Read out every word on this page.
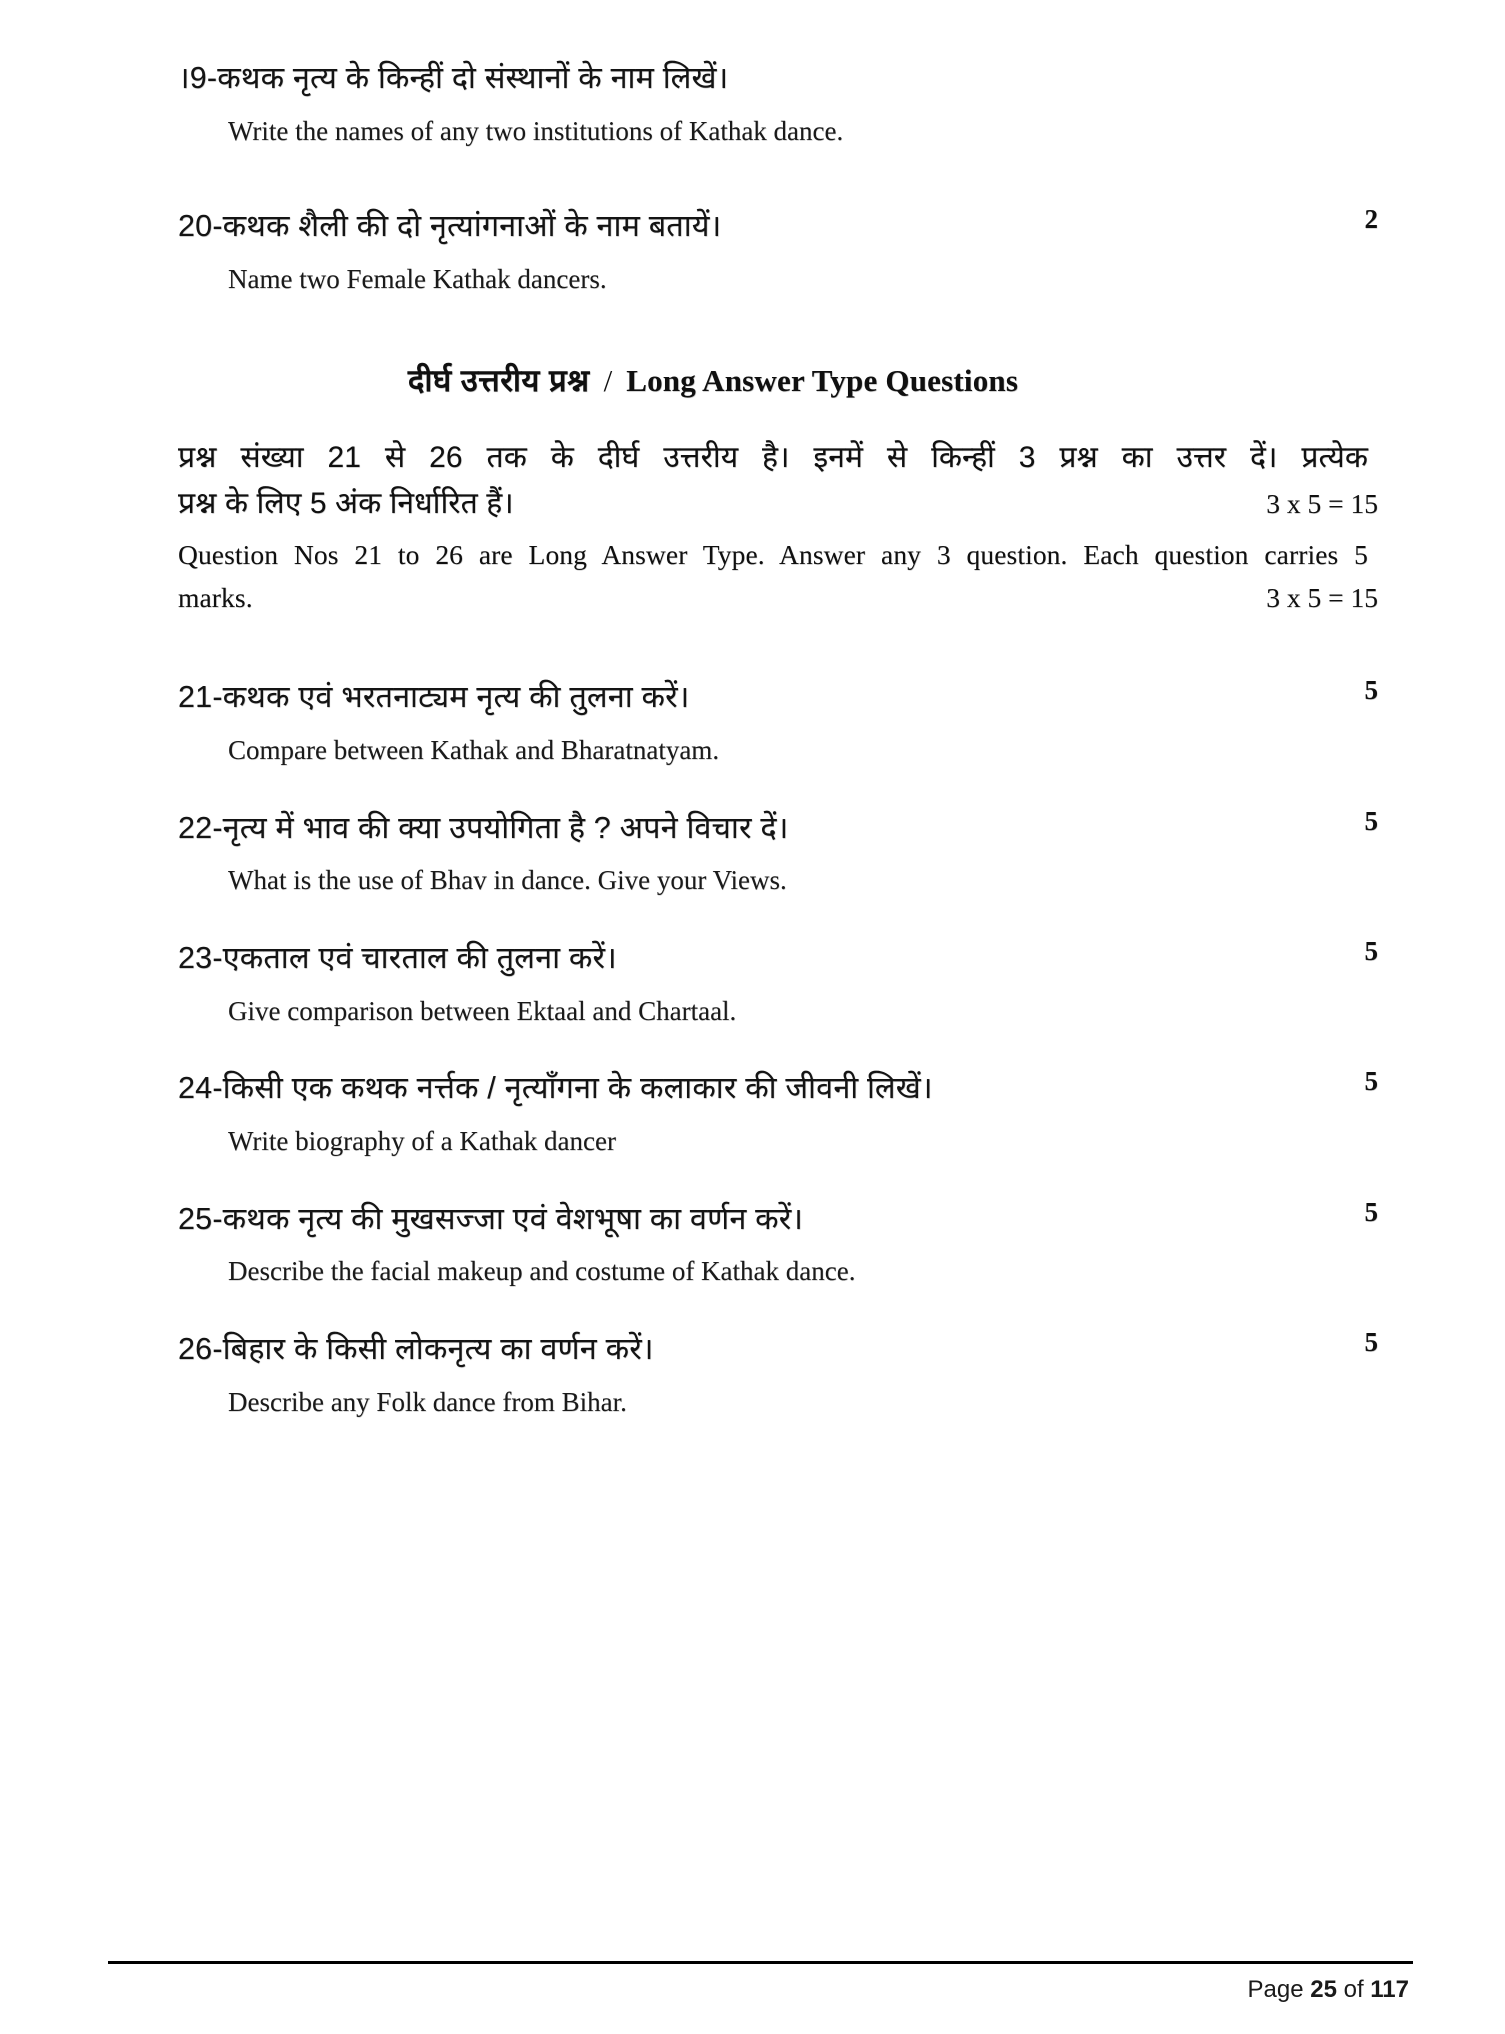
।9-कथक नृत्य के किन्हीं दो संस्थानों के नाम लिखें।
Write the names of any two institutions of Kathak dance.
20-कथक शैली की दो नृत्यांगनाओं के नाम बतायें।	2
Name two Female Kathak dancers.
दीर्घ उत्तरीय प्रश्न / Long Answer Type Questions
प्रश्न संख्या 21 से 26 तक के दीर्घ उत्तरीय है। इनमें से किन्हीं 3 प्रश्न का उत्तर दें। प्रत्येक
प्रश्न के लिए 5 अंक निर्धारित हैं।	3 x 5 = 15
Question Nos 21 to 26 are Long Answer Type. Answer any 3 question. Each question carries 5
marks.	3 x 5 = 15
21-कथक एवं भरतनाट्यम नृत्य की तुलना करें।	5
Compare between Kathak and Bharatnatyam.
22-नृत्य में भाव की क्या उपयोगिता है ? अपने विचार दें।	5
What is the use of Bhav in dance. Give your Views.
23-एकताल एवं चारताल की तुलना करें।	5
Give comparison between Ektaal and Chartaal.
24-किसी एक कथक नर्त्तक / नृत्याँगना के कलाकार की जीवनी लिखें।	5
Write biography of a Kathak dancer
25-कथक नृत्य की मुखसज्जा एवं वेशभूषा का वर्णन करें।	5
Describe the facial makeup and costume of Kathak dance.
26-बिहार के किसी लोकनृत्य का वर्णन करें।	5
Describe any Folk dance from Bihar.
Page 25 of 117
